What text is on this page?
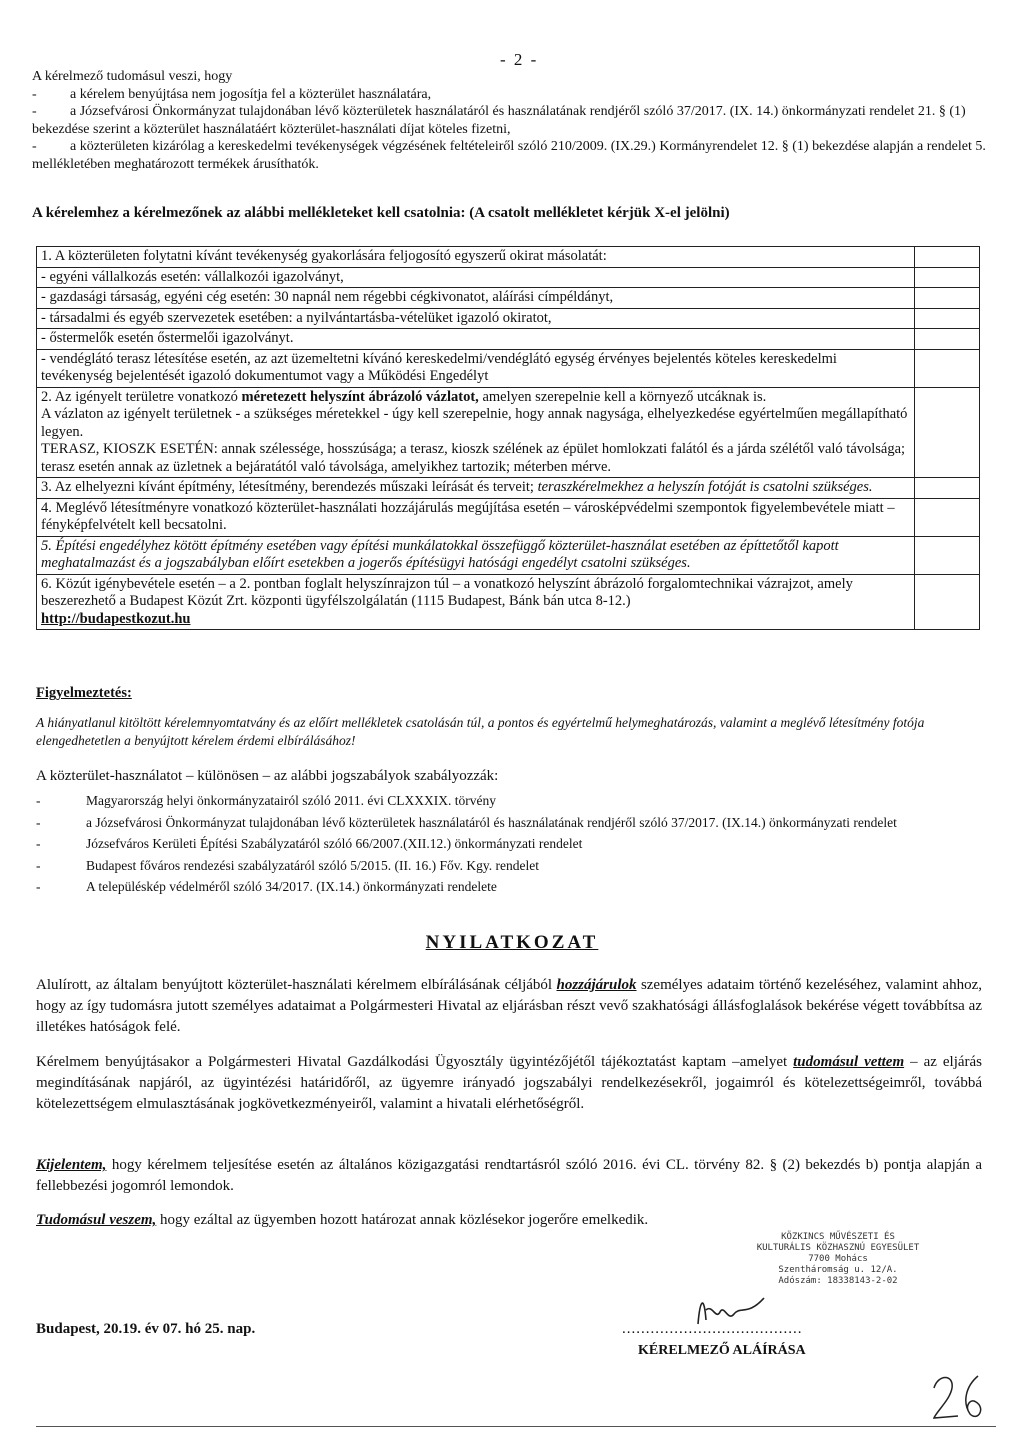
- 2 -

A kérelmező tudomásul veszi, hogy

- a kérelem benyújtása nem jogosítja fel a közterület használatára,

- a Józsefvárosi Önkormányzat tulajdonában lévő közterületek használatáról és használatának rendjéről szóló 37/2017. (IX. 14.) önkormányzati rendelet 21. § (1) bekezdése szerint a közterület használatáért közterület-használati díjat köteles fizetni,

- a közterületen kizárólag a kereskedelmi tevékenységek végzésének feltételeiről szóló 210/2009. (IX.29.) Kormányrendelet 12. § (1) bekezdése alapján a rendelet 5. mellékletében meghatározott termékek árusíthatók.

A kérelemhez a kérelmezőnek az alábbi mellékleteket kell csatolnia: (A csatolt mellékletet kérjük X-el jelölni)
1. A közterületen folytatni kívánt tevékenység gyakorlására feljogosító egyszerű okirat másolatát:	
- egyéni vállalkozás esetén: vállalkozói igazolványt,	
- gazdasági társaság, egyéni cég esetén: 30 napnál nem régebbi cégkivonatot, aláírási címpéldányt,	
- társadalmi és egyéb szervezetek esetében: a nyilvántartásba-vételüket igazoló okiratot,	
- őstermelők esetén őstermelői igazolványt.	
- vendéglátó terasz létesítése esetén, az azt üzemeltetni kívánó kereskedelmi/vendéglátó egység érvényes bejelentés köteles kereskedelmi tevékenység bejelentését igazoló dokumentumot vagy a Működési Engedélyt	
2. Az igényelt területre vonatkozó méretezett helyszínt ábrázoló vázlatot, amelyen szerepelnie kell a környező utcáknak is.
A vázlaton az igényelt területnek - a szükséges méretekkel - úgy kell szerepelnie, hogy annak nagysága, elhelyezkedése egyértelműen megállapítható legyen.
TERASZ, KIOSZK ESETÉN: annak szélessége, hosszúsága; a terasz, kioszk szélének az épület homlokzati falától és a járda szélétől való távolsága; terasz esetén annak az üzletnek a bejáratától való távolsága, amelyikhez tartozik; méterben mérve.	
3. Az elhelyezni kívánt építmény, létesítmény, berendezés műszaki leírását és terveit; teraszkérelmekhez a helyszín fotóját is csatolni szükséges.	
4. Meglévő létesítményre vonatkozó közterület-használati hozzájárulás megújítása esetén – városképvédelmi szempontok figyelembevétele miatt – fényképfelvételt kell becsatolni.	
5. Építési engedélyhez kötött építmény esetében vagy építési munkálatokkal összefüggő közterület-használat esetében az építtetőtől kapott meghatalmazást és a jogszabályban előírt esetekben a jogerős építésügyi hatósági engedélyt csatolni szükséges.	
6. Közút igénybevétele esetén – a 2. pontban foglalt helyszínrajzon túl – a vonatkozó helyszínt ábrázoló forgalomtechnikai vázrajzot, amely beszerezhető a Budapest Közút Zrt. központi ügyfélszolgálatán (1115 Budapest, Bánk bán utca 8-12.)
http://budapestkozut.hu	
Figyelmeztetés:
A hiányatlanul kitöltött kérelemnyomtatvány és az előírt mellékletek csatolásán túl, a pontos és egyértelmű helymeghatározás, valamint a meglévő létesítmény fotója elengedhetetlen a benyújtott kérelem érdemi elbírálásához!
A közterület-használatot – különösen – az alábbi jogszabályok szabályozzák:
-	Magyarország helyi önkormányzatairól szóló 2011. évi CLXXXIX. törvény
-	a Józsefvárosi Önkormányzat tulajdonában lévő közterületek használatáról és használatának rendjéről szóló 37/2017. (IX.14.) önkormányzati rendelet
-	Józsefváros Kerületi Építési Szabályzatáról szóló 66/2007.(XII.12.) önkormányzati rendelet
-	Budapest főváros rendezési szabályzatáról szóló 5/2015. (II. 16.) Főv. Kgy. rendelet
-	A településkép védelméről szóló 34/2017. (IX.14.) önkormányzati rendelete
NYILATKOZAT
Alulírott, az általam benyújtott közterület-használati kérelmem elbírálásának céljából hozzájárulok személyes adataim történő kezeléséhez, valamint ahhoz, hogy az így tudomásra jutott személyes adataimat a Polgármesteri Hivatal az eljárásban részt vevő szakhatósági állásfoglalások bekérése végett továbbítsa az illetékes hatóságok felé.
Kérelmem benyújtásakor a Polgármesteri Hivatal Gazdálkodási Ügyosztály ügyintézőjétől tájékoztatást kaptam –amelyet tudomásul vettem – az eljárás megindításának napjáról, az ügyintézési határidőről, az ügyemre irányadó jogszabályi rendelkezésekről, jogaimról és kötelezettségeimről, továbbá kötelezettségem elmulasztásának jogkövetkezményeiről, valamint a hivatali elérhetőségről.
Kijelentem, hogy kérelmem teljesítése esetén az általános közigazgatási rendtartásról szóló 2016. évi CL. törvény 82. § (2) bekezdés b) pontja alapján a fellebbezési jogomról lemondok.
Tudomásul veszem, hogy ezáltal az ügyemben hozott határozat annak közlésekor jogerőre emelkedik.
KÖZKINCS MŰVÉSZETI ÉS
KULTURÁLIS KÖZHASZNÚ EGYESÜLET
7700 Mohács
Szentháromság u. 12/A.
Adószám: 18338143-2-02
Budapest, 20.19. év 07. hó 25. nap.	......................................
KÉRELMEZŐ ALÁÍRÁSA
